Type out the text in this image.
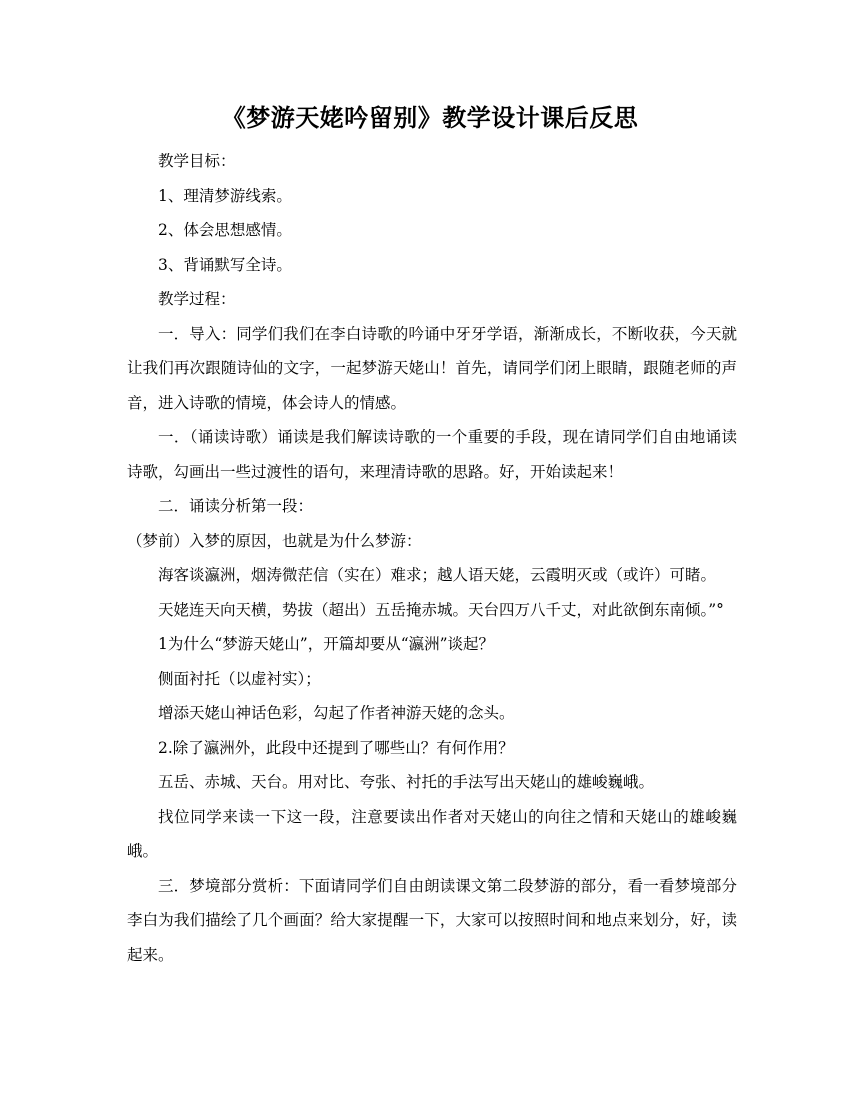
《梦游天姥吟留别》教学设计课后反思

教学目标：

1、理清梦游线索。

2、体会思想感情。

3、背诵默写全诗。

教学过程：

一．导入：同学们我们在李白诗歌的吟诵中牙牙学语，渐渐成长，不断收获，今天就让我们再次跟随诗仙的文字，一起梦游天姥山！首先，请同学们闭上眼睛，跟随老师的声音，进入诗歌的情境，体会诗人的情感。

一．（诵读诗歌）诵读是我们解读诗歌的一个重要的手段，现在请同学们自由地诵读诗歌，勾画出一些过渡性的语句，来理清诗歌的思路。好，开始读起来！

二．诵读分析第一段：

（梦前）入梦的原因，也就是为什么梦游：

海客谈瀛洲，烟涛微茫信（实在）难求；越人语天姥，云霞明灭或（或许）可睹。

天姥连天向天横，势拔（超出）五岳掩赤城。天台四万八千丈，对此欲倒东南倾。”°

1为什么“梦游天姥山”，开篇却要从“瀛洲”谈起？

侧面衬托（以虚衬实）；

增添天姥山神话色彩，勾起了作者神游天姥的念头。

2.除了瀛洲外，此段中还提到了哪些山？有何作用？

五岳、赤城、天台。用对比、夸张、衬托的手法写出天姥山的雄峻巍峨。

找位同学来读一下这一段，注意要读出作者对天姥山的向往之情和天姥山的雄峻巍峨。

三．梦境部分赏析：下面请同学们自由朗读课文第二段梦游的部分，看一看梦境部分李白为我们描绘了几个画面？给大家提醒一下，大家可以按照时间和地点来划分，好，读起来。
